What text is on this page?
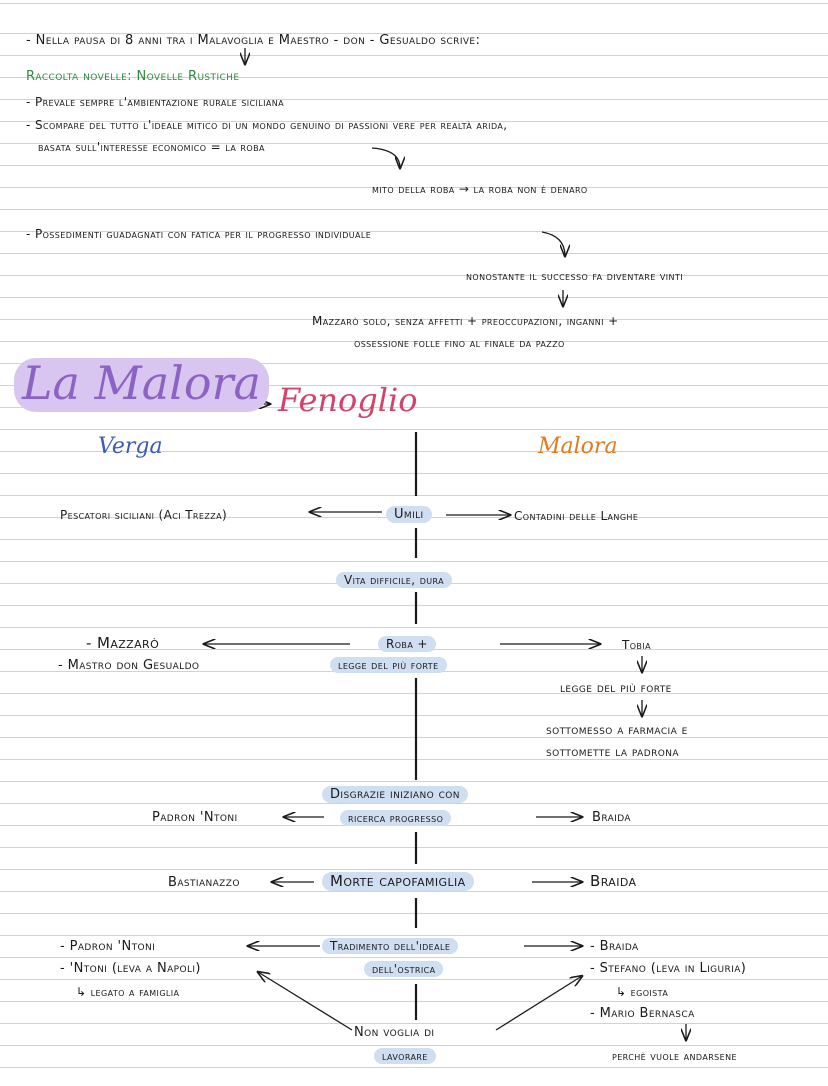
- Nella pausa di 8 anni tra i Malavoglia e Maestro - don - Gesualdo scrive:
Raccolta novelle: Novelle Rustiche
- Prevale sempre l'ambientazione rurale siciliana
- Scompare del tutto l'ideale mitico di un mondo genuino di passioni vere per realtà arida,
basata sull'interesse economico = la roba
mito della roba → la roba non è denaro
- Possedimenti guadagnati con fatica per il progresso individuale
nonostante il successo fa diventare vinti
Mazzarò solo, senza affetti + preoccupazioni, inganni +
ossessione folle fino al finale da pazzo
La Malora Fenoglio
Verga	Malora
Pescatori siciliani (Aci Trezza)	Umili	Contadini delle Langhe
Vita difficile, dura
- Mazzarò
- Mastro don Gesualdo
Roba +
legge del più forte
Tobia
legge del più forte
sottomesso a farmacia e
sottomette la padrona
Disgrazie iniziano con
ricerca progresso
Padron 'Ntoni	Braida
Bastianazzo	Morte capofamiglia	Braida
- Padron 'Ntoni
- 'Ntoni (leva a Napoli)
↳ legato a famiglia
Tradimento dell'ideale
dell'ostrica
- Braida
- Stefano (leva in Liguria)
↳ egoista
- Mario Bernasca
perchè vuole andarsene
Non voglia di
lavorare
